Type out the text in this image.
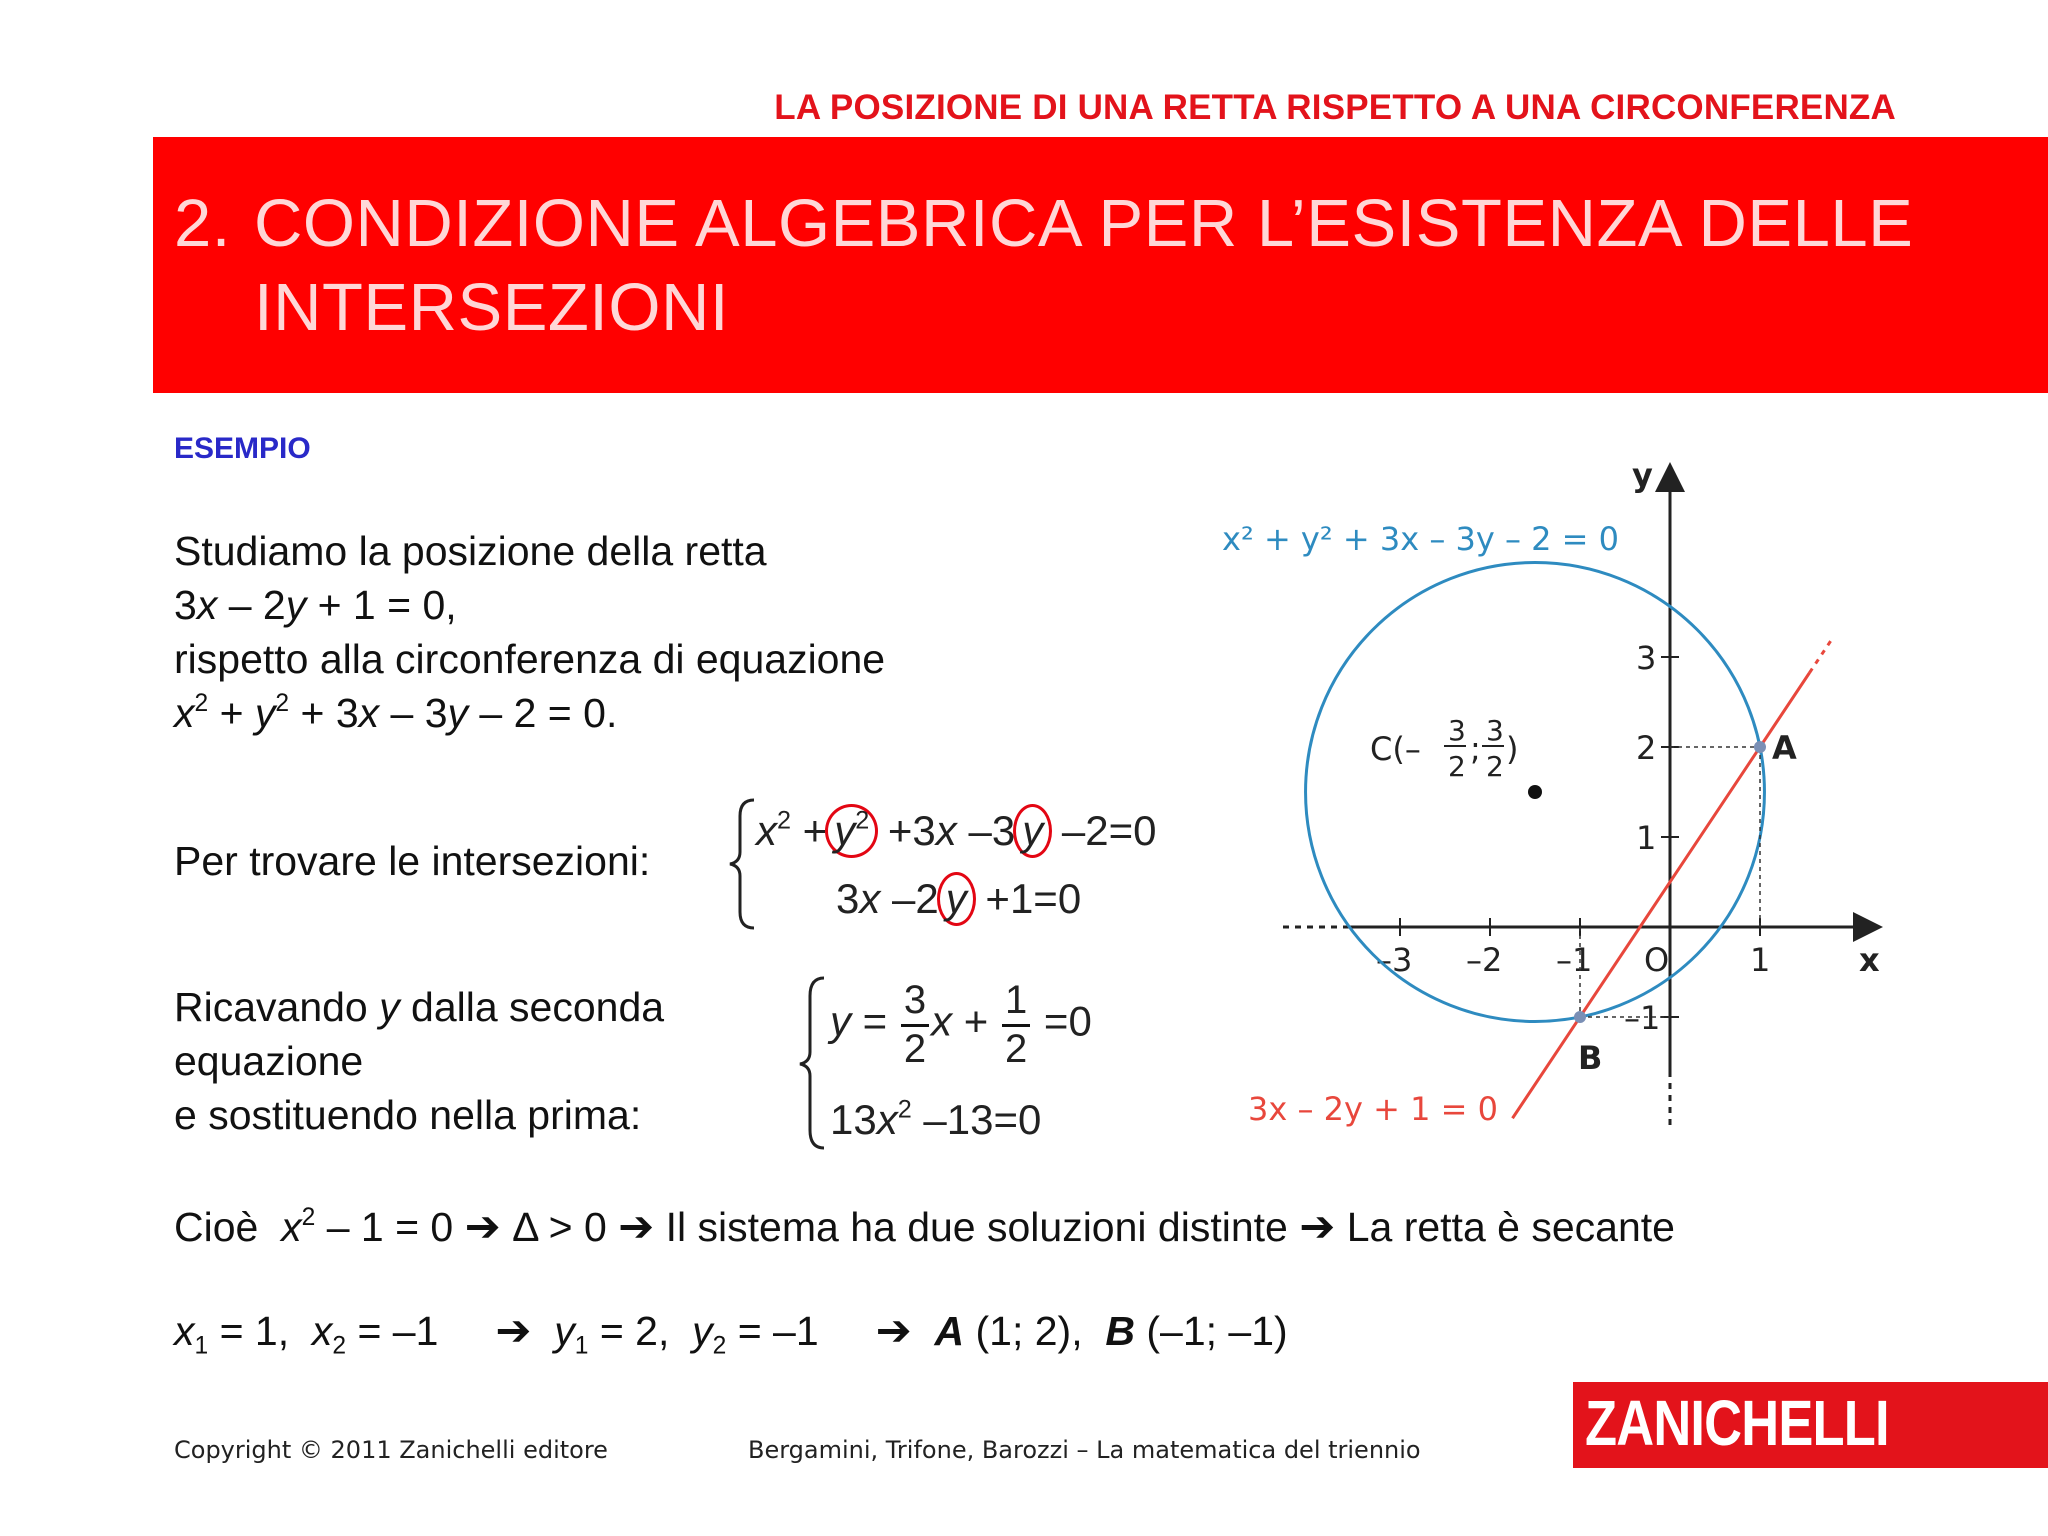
LA POSIZIONE DI UNA RETTA RISPETTO A UNA CIRCONFERENZA
2. CONDIZIONE ALGEBRICA PER L’ESISTENZA DELLE
INTERSEZIONI
ESEMPIO
Studiamo la posizione della retta
3x – 2y + 1 = 0,
rispetto alla circonferenza di equazione
$x^2 + y^2 + 3x - 3y - 2 = 0$.
Per trovare le intersezioni:
$x^2 + y^2 +3x$ –3 y –2=0
3x –2 y +1=0
Ricavando y dalla seconda
equazione
e sostituendo nella prima:
$y = \frac{3}{2}$ $x + \frac{1}{2} =0$
$13x^2$ –13=0
Cioè $x^2 - 1 = 0$ ➔ Δ > 0 ➔ Il sistema ha due soluzioni distinte ➔ La retta è secante
$x_1 = 1$,  $x_2 = -1$     ➔ $y_1 = 2$,  $y_2 = -1$     ➔ A (1; 2),  B (–1; –1)
–3 –2 –1	1
3
2
1
–1
A
B
O	x
y
x² + y² + 3x – 3y – 2 = 0
3x – 2y + 1 = 0
C(– 3
2 ; 3
2 )
Copyright © 2011 Zanichelli editore	Bergamini, Trifone, Barozzi – La matematica del triennio	ZANICHELLI
